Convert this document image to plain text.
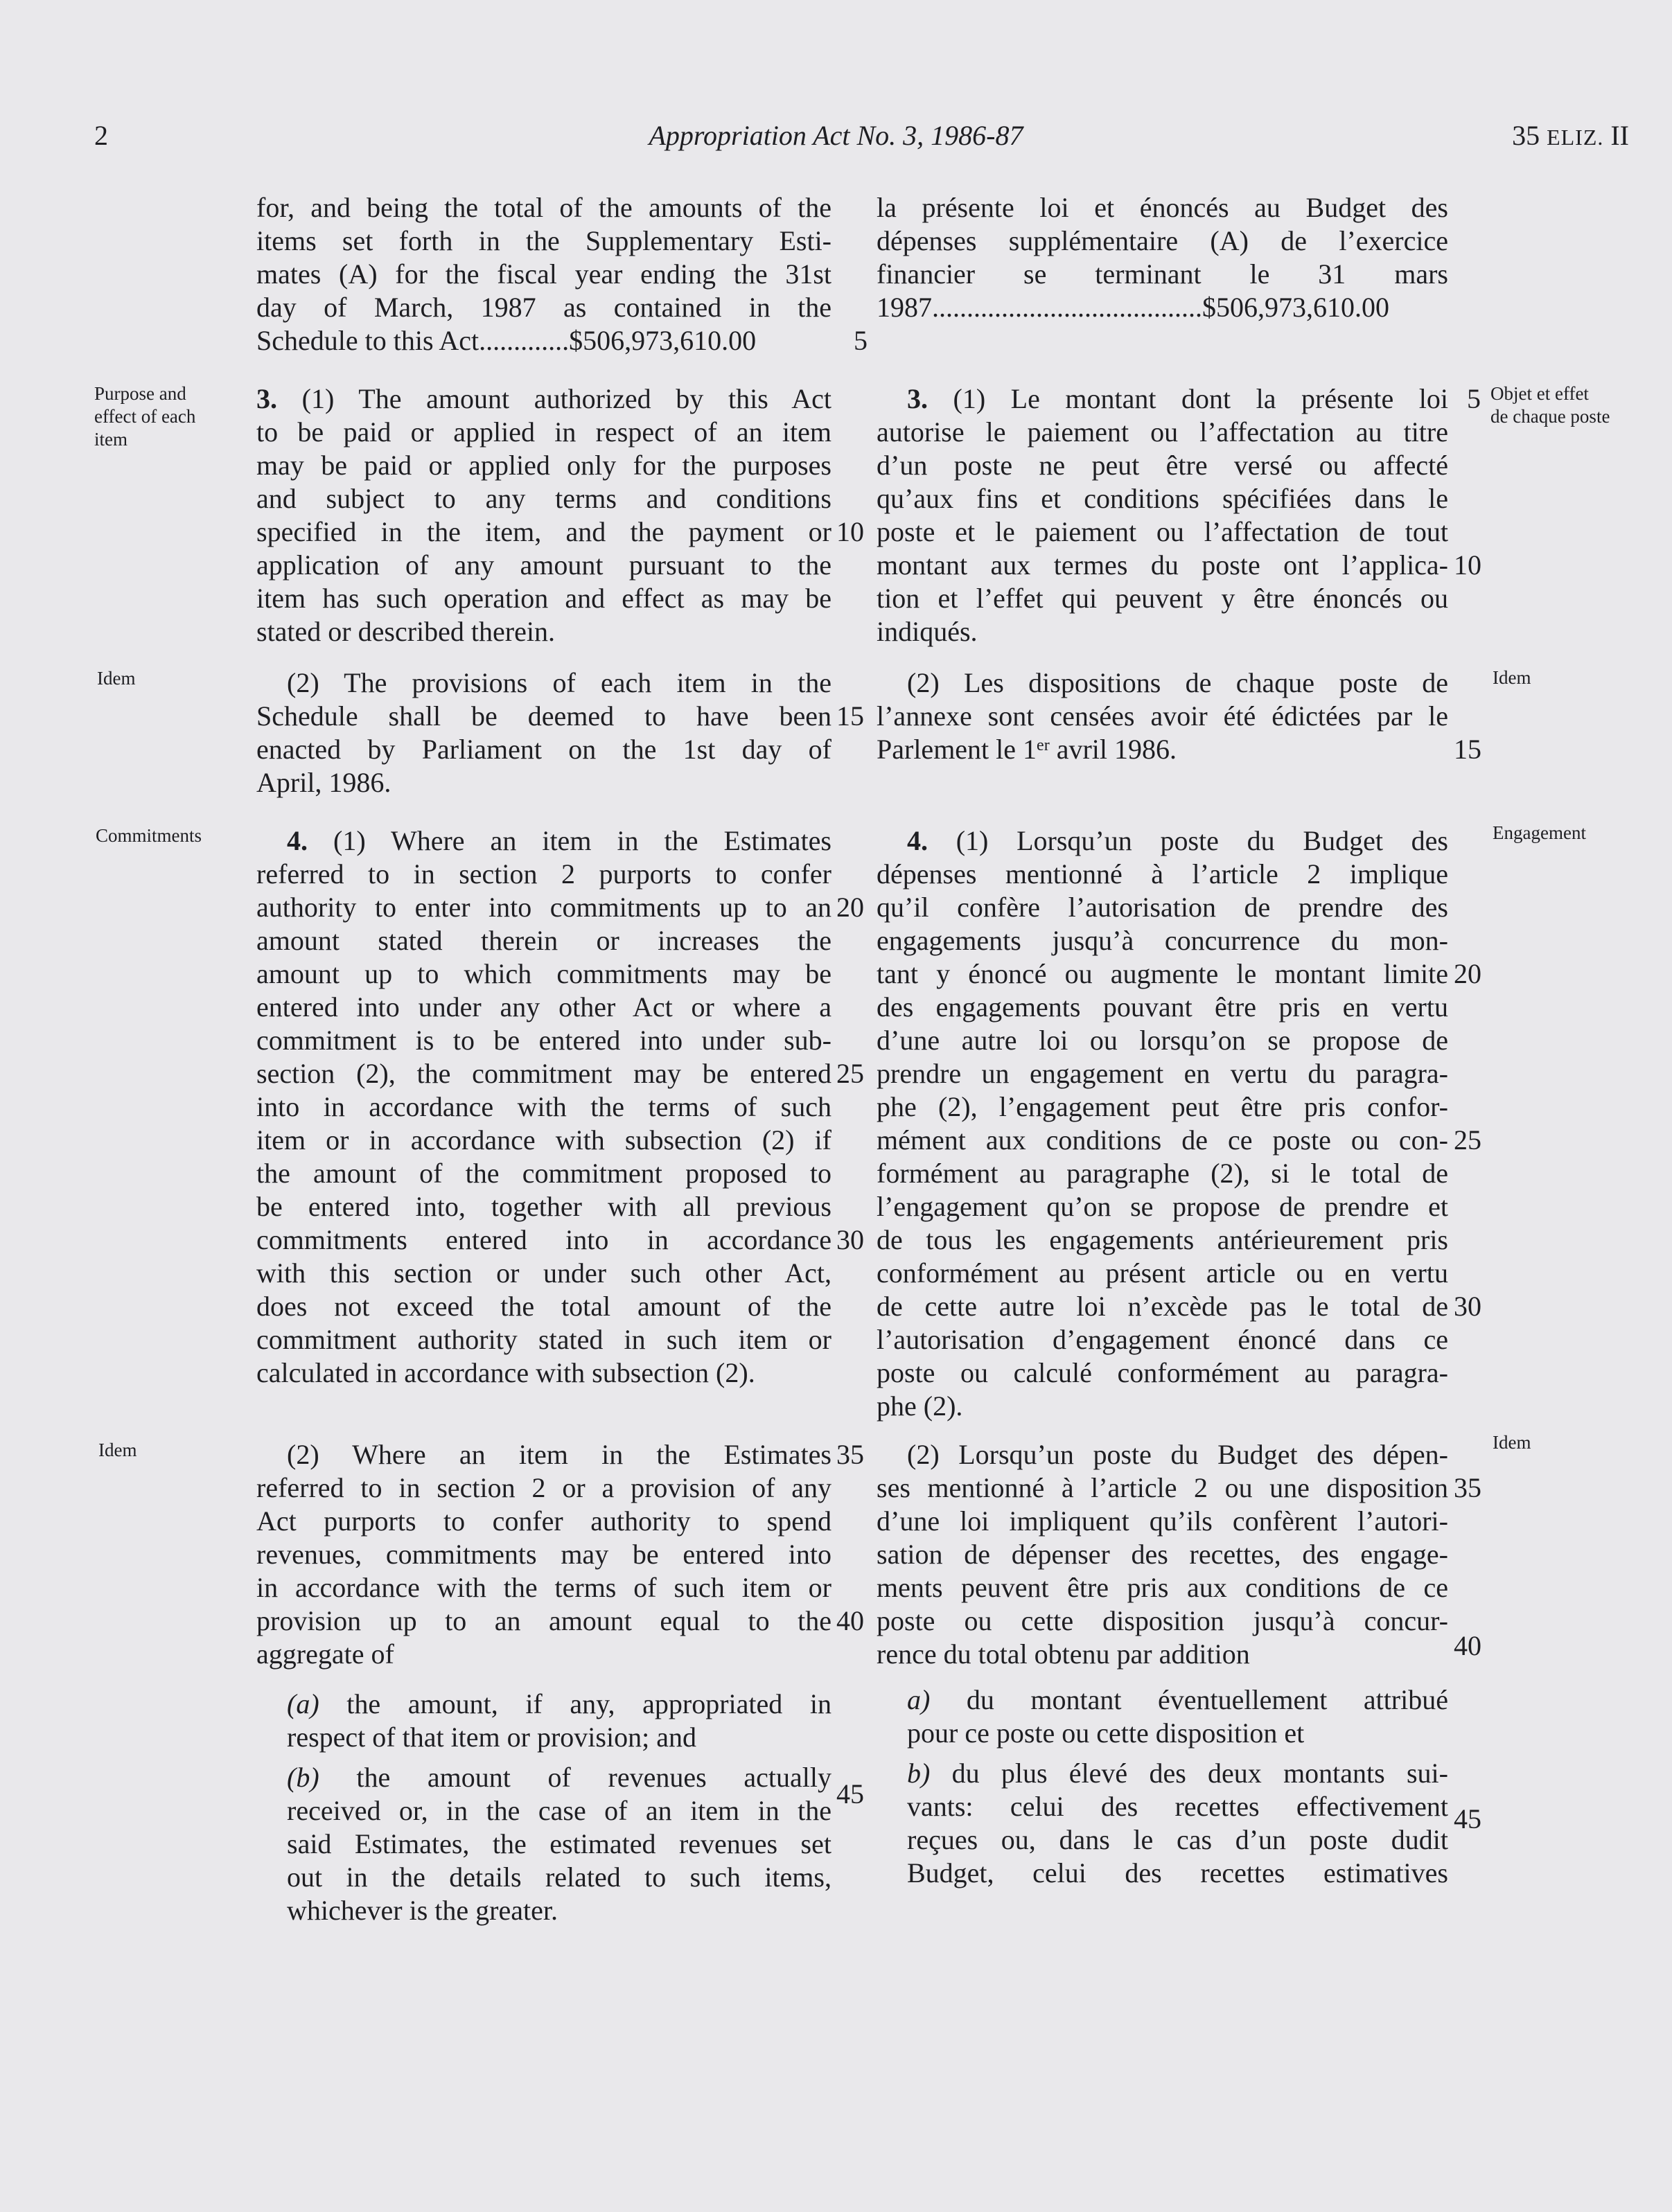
2	Appropriation Act No. 3, 1986-87	35 ELIZ. II
Purpose and
effect of each
item
Idem
Commitments
Idem
Objet et effet
de chaque poste
Idem
Engagement
Idem
for, and being the total of the amounts of the
items set forth in the Supplementary Esti-
mates (A) for the fiscal year ending the 31st
day of March, 1987 as contained in the
Schedule to this Act.............$506,973,610.00
3. (1) The amount authorized by this Act
to be paid or applied in respect of an item
may be paid or applied only for the purposes
and subject to any terms and conditions
specified in the item, and the payment or
application of any amount pursuant to the
item has such operation and effect as may be
stated or described therein.
(2) The provisions of each item in the
Schedule shall be deemed to have been
enacted by Parliament on the 1st day of
April, 1986.
4. (1) Where an item in the Estimates
referred to in section 2 purports to confer
authority to enter into commitments up to an
amount stated therein or increases the
amount up to which commitments may be
entered into under any other Act or where a
commitment is to be entered into under sub-
section (2), the commitment may be entered
into in accordance with the terms of such
item or in accordance with subsection (2) if
the amount of the commitment proposed to
be entered into, together with all previous
commitments entered into in accordance
with this section or under such other Act,
does not exceed the total amount of the
commitment authority stated in such item or
calculated in accordance with subsection (2).
(2) Where an item in the Estimates
referred to in section 2 or a provision of any
Act purports to confer authority to spend
revenues, commitments may be entered into
in accordance with the terms of such item or
provision up to an amount equal to the
aggregate of
(a) the amount, if any, appropriated in
respect of that item or provision; and
(b) the amount of revenues actually
received or, in the case of an item in the
said Estimates, the estimated revenues set
out in the details related to such items,
whichever is the greater.
5
10
15
20
25
30
35
40
45
la présente loi et énoncés au Budget des
dépenses supplémentaire (A) de l’exercice
financier se terminant le 31 mars
1987.......................................$506,973,610.00
3. (1) Le montant dont la présente loi
autorise le paiement ou l’affectation au titre
d’un poste ne peut être versé ou affecté
qu’aux fins et conditions spécifiées dans le
poste et le paiement ou l’affectation de tout
montant aux termes du poste ont l’applica-
tion et l’effet qui peuvent y être énoncés ou
indiqués.
(2) Les dispositions de chaque poste de
l’annexe sont censées avoir été édictées par le
Parlement le 1er avril 1986.
4. (1) Lorsqu’un poste du Budget des
dépenses mentionné à l’article 2 implique
qu’il confère l’autorisation de prendre des
engagements jusqu’à concurrence du mon-
tant y énoncé ou augmente le montant limite
des engagements pouvant être pris en vertu
d’une autre loi ou lorsqu’on se propose de
prendre un engagement en vertu du paragra-
phe (2), l’engagement peut être pris confor-
mément aux conditions de ce poste ou con-
formément au paragraphe (2), si le total de
l’engagement qu’on se propose de prendre et
de tous les engagements antérieurement pris
conformément au présent article ou en vertu
de cette autre loi n’excède pas le total de
l’autorisation d’engagement énoncé dans ce
poste ou calculé conformément au paragra-
phe (2).
(2) Lorsqu’un poste du Budget des dépen-
ses mentionné à l’article 2 ou une disposition
d’une loi impliquent qu’ils confèrent l’autori-
sation de dépenser des recettes, des engage-
ments peuvent être pris aux conditions de ce
poste ou cette disposition jusqu’à concur-
rence du total obtenu par addition
a) du montant éventuellement attribué
pour ce poste ou cette disposition et
b) du plus élevé des deux montants sui-
vants: celui des recettes effectivement
reçues ou, dans le cas d’un poste dudit
Budget, celui des recettes estimatives
5
10
15
20
25
30
35
40
45
